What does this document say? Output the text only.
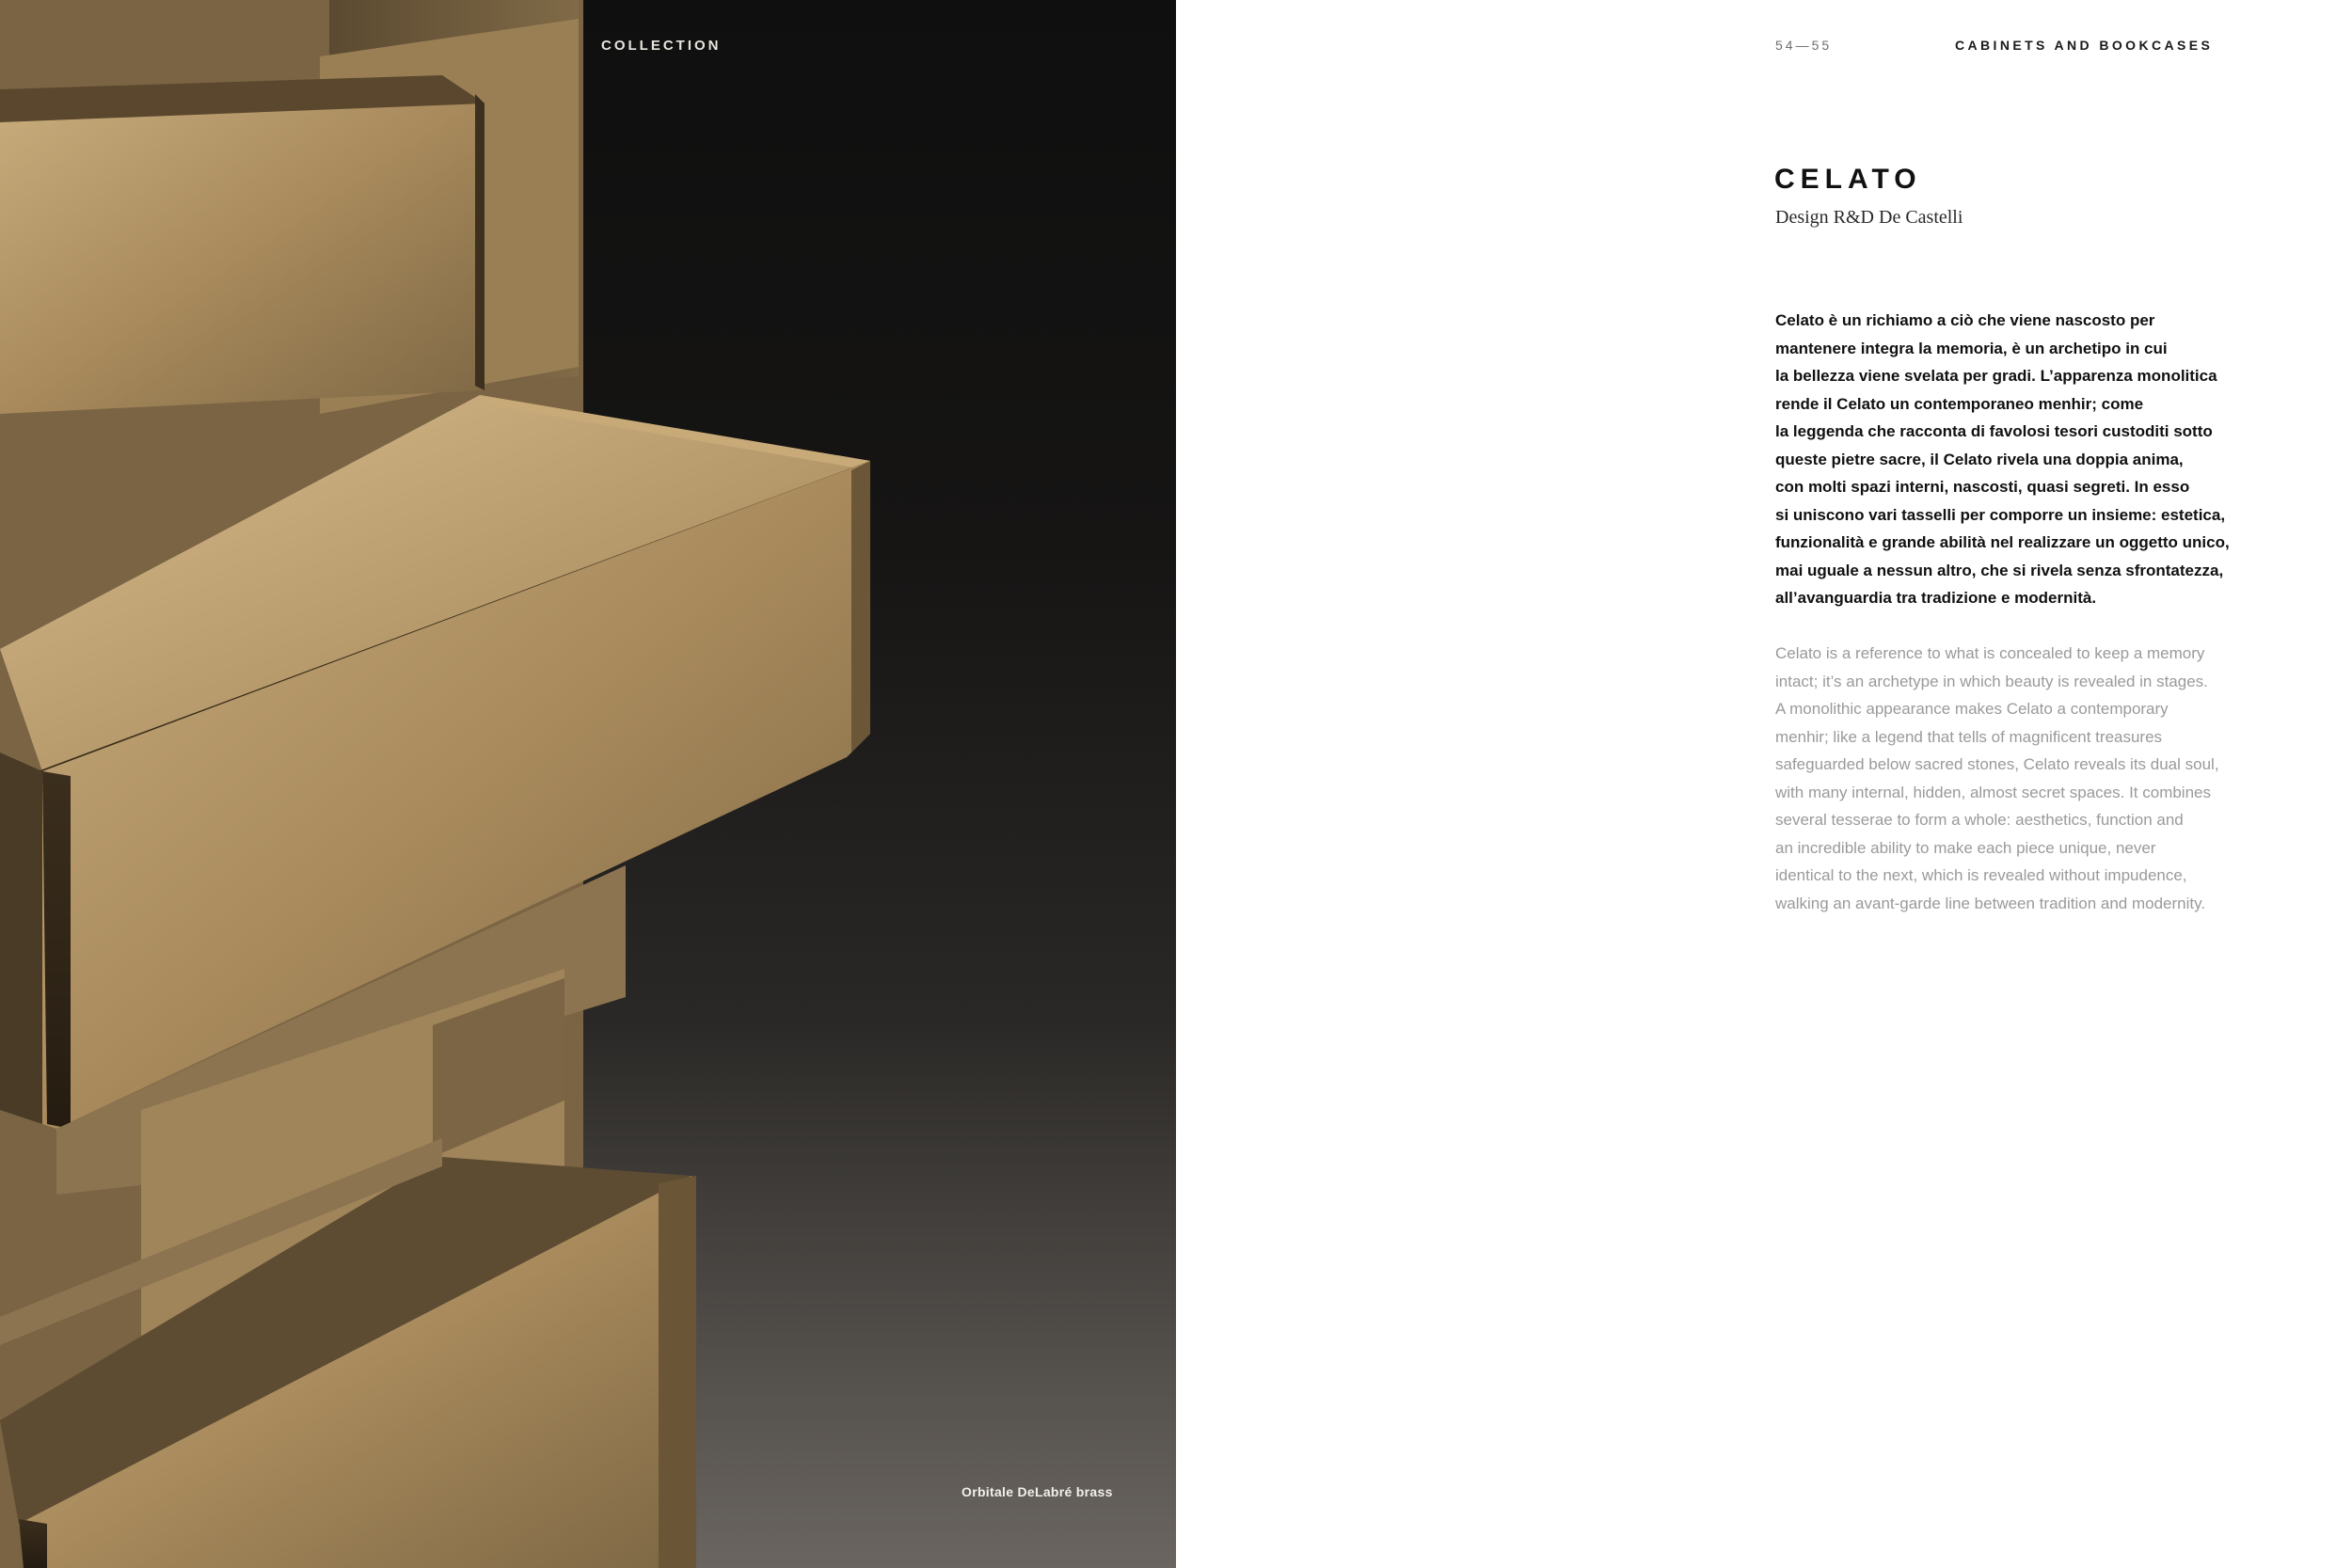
COLLECTION
Orbitale DeLabré brass
54—55	CABINETS AND BOOKCASES
CELATO
Design R&D De Castelli
Celato è un richiamo a ciò che viene nascosto per
mantenere integra la memoria, è un archetipo in cui
la bellezza viene svelata per gradi. L’apparenza monolitica
rende il Celato un contemporaneo menhir; come
la leggenda che racconta di favolosi tesori custoditi sotto
queste pietre sacre, il Celato rivela una doppia anima,
con molti spazi interni, nascosti, quasi segreti. In esso
si uniscono vari tasselli per comporre un insieme: estetica,
funzionalità e grande abilità nel realizzare un oggetto unico,
mai uguale a nessun altro, che si rivela senza sfrontatezza,
all’avanguardia tra tradizione e modernità.
Celato is a reference to what is concealed to keep a memory
intact; it’s an archetype in which beauty is revealed in stages.
A monolithic appearance makes Celato a contemporary
menhir; like a legend that tells of magnificent treasures
safeguarded below sacred stones, Celato reveals its dual soul,
with many internal, hidden, almost secret spaces. It combines
several tesserae to form a whole: aesthetics, function and
an incredible ability to make each piece unique, never
identical to the next, which is revealed without impudence,
walking an avant-garde line between tradition and modernity.
